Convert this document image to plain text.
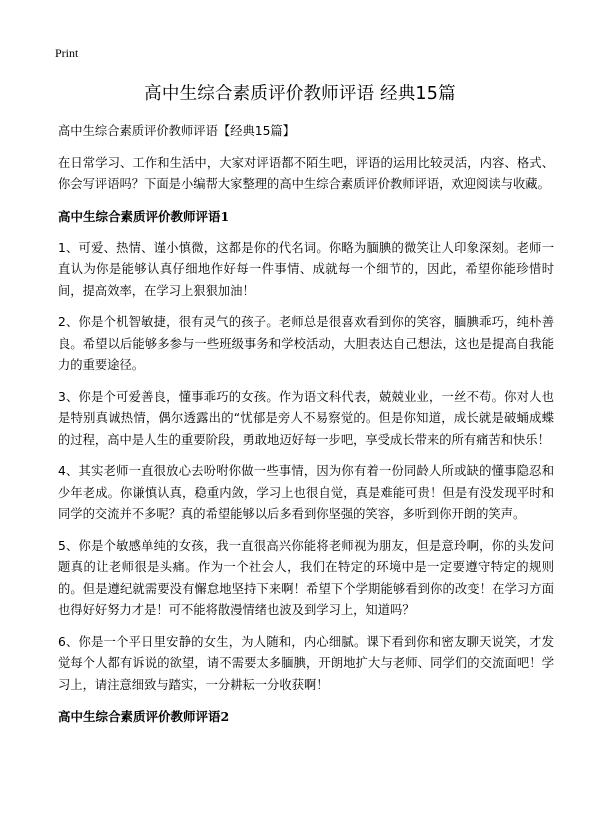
Print
高中生综合素质评价教师评语 经典15篇

高中生综合素质评价教师评语【经典15篇】

在日常学习、工作和生活中，大家对评语都不陌生吧，评语的运用比较灵活，内容、格式、你会写评语吗？下面是小编帮大家整理的高中生综合素质评价教师评语，欢迎阅读与收藏。

高中生综合素质评价教师评语1

1、可爱、热情、谨小慎微，这都是你的代名词。你略为腼腆的微笑让人印象深刻。老师一直认为你是能够认真仔细地作好每一件事情、成就每一个细节的，因此，希望你能珍惜时间，提高效率，在学习上狠狠加油！

2、你是个机智敏捷，很有灵气的孩子。老师总是很喜欢看到你的笑容，腼腆乖巧，纯朴善良。希望以后能够多参与一些班级事务和学校活动，大胆表达自己想法，这也是提高自我能力的重要途径。

3、你是个可爱善良，懂事乖巧的女孩。作为语文科代表，兢兢业业，一丝不苟。你对人也是特别真诚热情，偶尔透露出的“忧郁是旁人不易察觉的。但是你知道，成长就是破蛹成蝶的过程，高中是人生的重要阶段，勇敢地迈好每一步吧，享受成长带来的所有痛苦和快乐！

4、其实老师一直很放心去吩咐你做一些事情，因为你有着一份同龄人所或缺的懂事隐忍和少年老成。你谦慎认真，稳重内敛，学习上也很自觉，真是难能可贵！但是有没发现平时和同学的交流并不多呢？真的希望能够以后多看到你坚强的笑容，多听到你开朗的笑声。

5、你是个敏感单纯的女孩，我一直很高兴你能将老师视为朋友，但是意玲啊，你的头发问题真的让老师很是头痛。作为一个社会人，我们在特定的环境中是一定要遵守特定的规则的。但是遵纪就需要没有懈怠地坚持下来啊！希望下个学期能够看到你的改变！在学习方面也得好好努力才是！可不能将散漫情绪也波及到学习上，知道吗？

6、你是一个平日里安静的女生，为人随和，内心细腻。课下看到你和密友聊天说笑，才发觉每个人都有诉说的欲望，请不需要太多腼腆，开朗地扩大与老师、同学们的交流面吧！学习上，请注意细致与踏实，一分耕耘一分收获啊！

高中生综合素质评价教师评语2
